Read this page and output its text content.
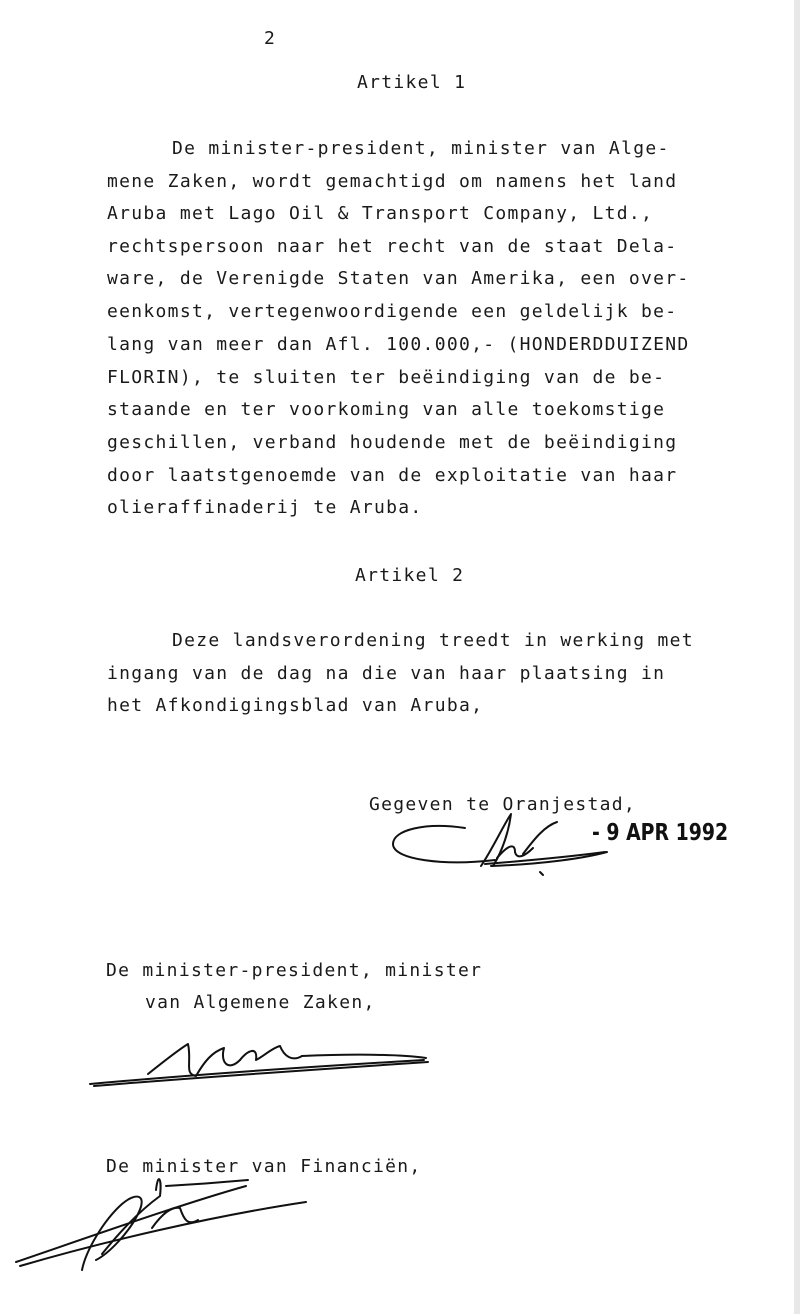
2
Artikel 1
De minister-president, minister van Alge-
mene Zaken, wordt gemachtigd om namens het land
Aruba met Lago Oil & Transport Company, Ltd.,
rechtspersoon naar het recht van de staat Dela-
ware, de Verenigde Staten van Amerika, een over-
eenkomst, vertegenwoordigende een geldelijk be-
lang van meer dan Afl. 100.000,- (HONDERDDUIZEND
FLORIN), te sluiten ter beëindiging van de be-
staande en ter voorkoming van alle toekomstige
geschillen, verband houdende met de beëindiging
door laatstgenoemde van de exploitatie van haar
olieraffinaderij te Aruba.
Artikel 2
Deze landsverordening treedt in werking met
ingang van de dag na die van haar plaatsing in
het Afkondigingsblad van Aruba,
Gegeven te Oranjestad,
- 9 APR 1992
De minister-president, minister
van Algemene Zaken,
De minister van Financiën,
